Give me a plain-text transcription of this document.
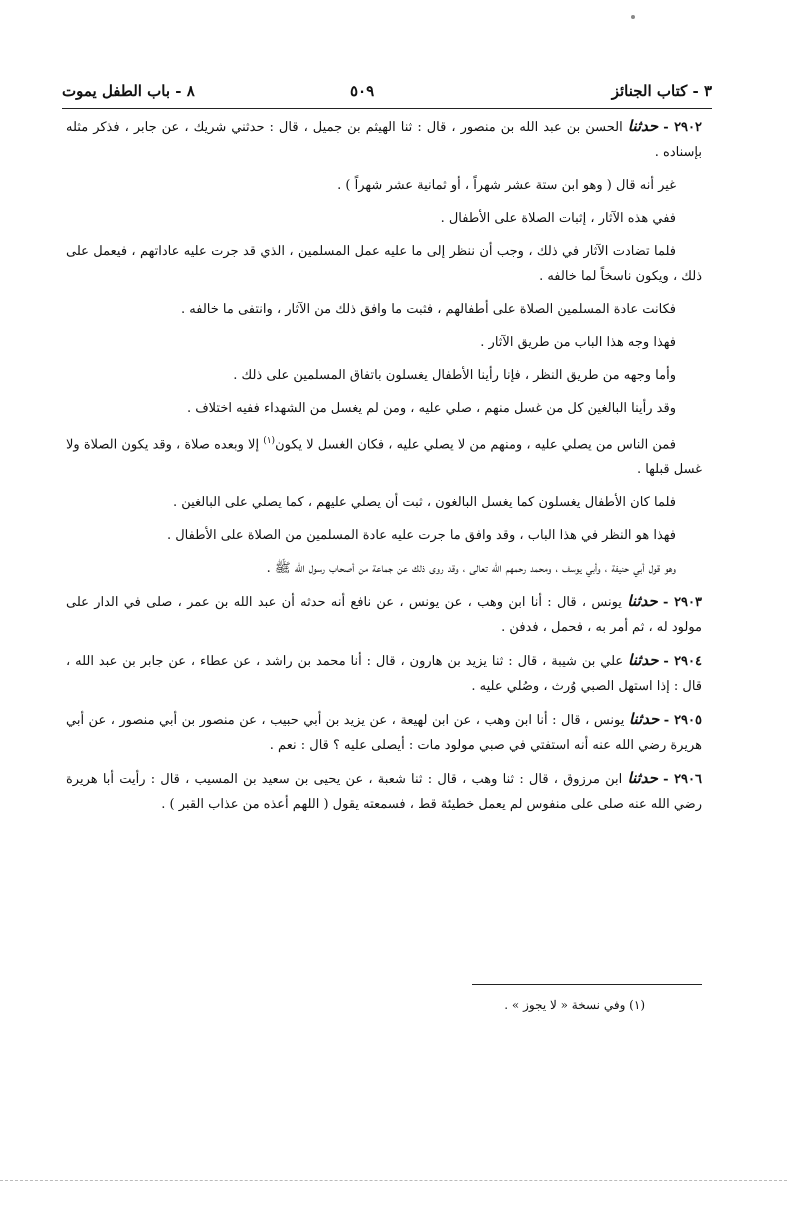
٨ - باب الطفل يموت	٥٠٩	٣ - كتاب الجنائز

٢٩٠٢ - حدثنا الحسن بن عبد الله بن منصور ، قال : ثنا الهيثم بن جميل ، قال : حدثني شريك ، عن جابر ، فذكر مثله بإسناده .

غير أنه قال ( وهو ابن ستة عشر شهراً ، أو ثمانية عشر شهراً ) .

ففي هذه الآثار ، إثبات الصلاة على الأطفال .

فلما تضادت الآثار في ذلك ، وجب أن ننظر إلى ما عليه عمل المسلمين ، الذي قد جرت عليه عاداتهم ، فيعمل على ذلك ، ويكون ناسخاً لما خالفه .

فكانت عادة المسلمين الصلاة على أطفالهم ، فثبت ما وافق ذلك من الآثار ، وانتفى ما خالفه .

فهذا وجه هذا الباب من طريق الآثار .

وأما وجهه من طريق النظر ، فإنا رأينا الأطفال يغسلون باتفاق المسلمين على ذلك .

وقد رأينا البالغين كل من غسل منهم ، صلي عليه ، ومن لم يغسل من الشهداء ففيه اختلاف .

فمن الناس من يصلي عليه ، ومنهم من لا يصلي عليه ، فكان الغسل لا يكون$^{(١)}$ إلا وبعده صلاة ، وقد يكون الصلاة ولا غسل قبلها .

فلما كان الأطفال يغسلون كما يغسل البالغون ، ثبت أن يصلي عليهم ، كما يصلي على البالغين .

فهذا هو النظر في هذا الباب ، وقد وافق ما جرت عليه عادة المسلمين من الصلاة على الأطفال .

وهو قول أبي حنيفة ، وأبي يوسف ، ومحمد رحمهم الله تعالى ، وقد روى ذلك عن جماعة من أصحاب رسول الله ﷺ .

٢٩٠٣ - حدثنا يونس ، قال : أنا ابن وهب ، عن يونس ، عن نافع أنه حدثه أن عبد الله بن عمر ، صلى في الدار على مولود له ، ثم أمر به ، فحمل ، فدفن .

٢٩٠٤ - حدثنا علي بن شيبة ، قال : ثنا يزيد بن هارون ، قال : أنا محمد بن راشد ، عن عطاء ، عن جابر بن عبد الله ، قال : إذا استهل الصبي وُرث ، وصُلي عليه .

٢٩٠٥ - حدثنا يونس ، قال : أنا ابن وهب ، عن ابن لهيعة ، عن يزيد بن أبي حبيب ، عن منصور بن أبي منصور ، عن أبي هريرة رضي الله عنه أنه استفتي في صبي مولود مات : أيصلى عليه ؟ قال : نعم .

٢٩٠٦ - حدثنا ابن مرزوق ، قال : ثنا وهب ، قال : ثنا شعبة ، عن يحيى بن سعيد بن المسيب ، قال : رأيت أبا هريرة رضي الله عنه صلى على منفوس لم يعمل خطيئة قط ، فسمعته يقول ( اللهم أعذه من عذاب القبر ) .

(١) وفي نسخة « لا يجوز » .
